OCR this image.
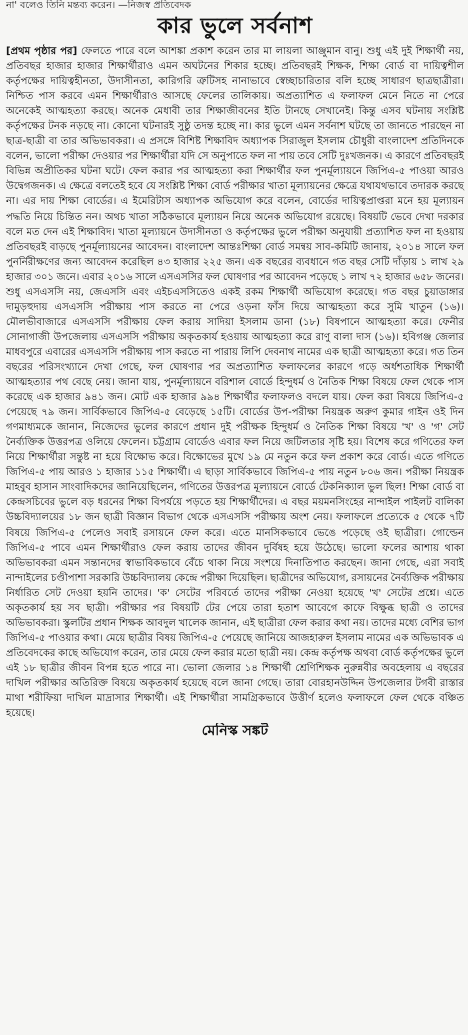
না' বলেও তিনি মন্তব্য করেন। —নিজস্ব প্রতিবেদক
কার ভুলে সর্বনাশ
[প্রথম পৃষ্ঠার পর] ফেলতে পারে বলে আশঙ্কা প্রকাশ করেন তার মা লায়লা আঞ্জুমান বানু। শুধু এই দুই শিক্ষার্থী নয়, প্রতিবছর হাজার হাজার শিক্ষার্থীরাও এমন অঘটনের শিকার হচ্ছে। প্রতিবছরই শিক্ষক, শিক্ষা বোর্ড বা দায়িত্বশীল কর্তৃপক্ষের দায়িত্বহীনতা, উদাসীনতা, কারিগরি ত্রুটিসহ নানাভাবে স্বেচ্ছাচারিতার বলি হচ্ছে সাধারণ ছাত্রছাত্রীরা। নিশ্চিত পাস করবে এমন শিক্ষার্থীরাও আসছে ফেলের তালিকায়। অপ্রত্যাশিত এ ফলাফল মেনে নিতে না পেরে অনেকেই আত্মহত্যা করছে। অনেক মেধাবী তার শিক্ষাজীবনের ইতি টানছে সেখানেই। কিন্তু এসব ঘটনায় সংশ্লিষ্ট কর্তৃপক্ষের টনক নড়ছে না। কোনো ঘটনারই সুষ্ঠু তদন্ত হচ্ছে না। কার ভুলে এমন সর্বনাশ ঘটছে তা জানতে পারছেন না ছাত্র-ছাত্রী বা তার অভিভাবকরা। এ প্রসঙ্গে বিশিষ্ট শিক্ষাবিদ অধ্যাপক সিরাজুল ইসলাম চৌধুরী বাংলাদেশ প্রতিদিনকে বলেন, ভালো পরীক্ষা দেওয়ার পর শিক্ষার্থীরা যদি সে অনুপাতে ফল না পায় তবে সেটি দুঃখজনক। এ কারণে প্রতিবছরই বিভিন্ন অপ্রীতিকর ঘটনা ঘটে। ফেল করার পর আত্মহত্যা করা শিক্ষার্থীর ফল পুনর্মূল্যায়নে জিপিএ-৫ পাওয়া আরও উদ্বেগজনক। এ ক্ষেত্রে বলতেই হবে যে সংশ্লিষ্ট শিক্ষা বোর্ড পরীক্ষার খাতা মূল্যায়নের ক্ষেত্রে যথাযথভাবে তদারক করছে না। এর দায় শিক্ষা বোর্ডের। এ ইমেরিটাস অধ্যাপক অভিযোগ করে বলেন, বোর্ডের দায়িত্বপ্রাপ্তরা মনে হয় মূল্যায়ন পদ্ধতি নিয়ে চিন্তিত নন। অথচ খাতা সঠিকভাবে মূল্যায়ন নিয়ে অনেক অভিযোগ রয়েছে। বিষয়টি ভেবে দেখা দরকার বলে মত দেন এই শিক্ষাবিদ। খাতা মূল্যায়নে উদাসীনতা ও কর্তৃপক্ষের ভুলে পরীক্ষা অনুযায়ী প্রত্যাশিত ফল না হওয়ায় প্রতিবছরই বাড়ছে পুনর্মূল্যায়নের আবেদন। বাংলাদেশ আন্তঃশিক্ষা বোর্ড সমন্বয় সাব-কমিটি জানায়, ২০১৪ সালে ফল পুনর্নিরীক্ষণের জন্য আবেদন করেছিল ৪৩ হাজার ২২৫ জন। এক বছরের ব্যবধানে গত বছর সেটি দাঁড়ায় ১ লাখ ২৯ হাজার ৩০১ জনে। এবার ২০১৬ সালে এসএসসির ফল ঘোষণার পর আবেদন পড়েছে ১ লাখ ৭২ হাজার ৬৫৮ জনের। শুধু এসএসসি নয়, জেএসসি এবং এইচএসসিতেও একই রকম শিক্ষার্থী অভিযোগ করেছে। গত বছর চুয়াডাঙ্গার দামুড়হুদায় এসএসসি পরীক্ষায় পাস করতে না পেরে ওড়না ফাঁস দিয়ে আত্মহত্যা করে সুমি খাতুন (১৬)। মৌলভীবাজারে এসএসসি পরীক্ষায় ফেল করায় সাদিয়া ইসলাম ডানা (১৮) বিষপানে আত্মহত্যা করে। ফেনীর সোনাগাজী উপজেলায় এসএসসি পরীক্ষায় অকৃতকার্য হওয়ায় আত্মহত্যা করে রাণু বালা দাস (১৬)। হবিগঞ্জ জেলার মাধবপুরে এবারের এসএসসি পরীক্ষায় পাস করতে না পারায় লিপি দেবনাথ নামের এক ছাত্রী আত্মহত্যা করে। গত তিন বছরের পরিসংখ্যানে দেখা গেছে, ফল ঘোষণার পর অপ্রত্যাশিত ফলাফলের কারণে গড়ে অর্ধশতাধিক শিক্ষার্থী আত্মহত্যার পথ বেছে নেয়। জানা যায়, পুনর্মূল্যায়নে বরিশাল বোর্ডে হিন্দুধর্ম ও নৈতিক শিক্ষা বিষয়ে ফেল থেকে পাস করেছে এক হাজার ৯৪১ জন। মোট এক হাজার ৯৯৪ শিক্ষার্থীর ফলাফলও বদলে যায়। ফেল করা বিষয়ে জিপিএ-৫ পেয়েছে ৭৯ জন। সার্বিকভাবে জিপিএ-৫ বেড়েছে ১৫টি। বোর্ডের উপ-পরীক্ষা নিয়ন্ত্রক অরুণ কুমার গাইন ওই দিন গণমাধ্যমকে জানান, নিজেদের ভুলের কারণে প্রধান দুই পরীক্ষক হিন্দুধর্ম ও নৈতিক শিক্ষা বিষয়ে 'খ' ও 'গ' সেট নৈর্ব্যক্তিক উত্তরপত্র ওলিয়ে ফেলেন। চট্টগ্রাম বোর্ডেও এবার ফল নিয়ে জটিলতার সৃষ্টি হয়। বিশেষ করে গণিতের ফল নিয়ে শিক্ষার্থীরা সন্তুষ্ট না হয়ে বিক্ষোভ করে। বিক্ষোভের মুখে ১৯ মে নতুন করে ফল প্রকাশ করে বোর্ড। এতে গণিতে জিপিএ-৫ পায় আরও ১ হাজার ১১৫ শিক্ষার্থী। এ ছাড়া সার্বিকভাবে জিপিএ-৫ পায় নতুন ৮০৬ জন। পরীক্ষা নিয়ন্ত্রক মাহবুব হাসান সাংবাদিকদের জানিয়েছিলেন, গণিতের উত্তরপত্র মূল্যায়নে বোর্ডে টেকনিক্যাল ভুল ছিল! শিক্ষা বোর্ড বা কেন্দ্রসচিবের ভুলে বড় ধরনের শিক্ষা বিপর্যয়ে পড়তে হয় শিক্ষার্থীদের। এ বছর ময়মনসিংহের নান্দাইল পাইলট বালিকা উচ্চবিদ্যালয়ের ১৮ জন ছাত্রী বিজ্ঞান বিভাগ থেকে এসএসসি পরীক্ষায় অংশ নেয়। ফলাফলে প্রত্যেকে ৫ থেকে ৭টি বিষয়ে জিপিএ-৫ পেলেও সবাই রসায়নে ফেল করে। এতে মানসিকভাবে ভেঙে পড়েছে ওই ছাত্রীরা। গোল্ডেন জিপিএ-৫ পাবে এমন শিক্ষার্থীরাও ফেল করায় তাদের জীবন দুর্বিষহ হয়ে উঠেছে। ভালো ফলের আশায় থাকা অভিভাবকরা এমন সন্তানদের স্বাভাবিকভাবে বেঁচে থাকা নিয়ে সংশয়ে দিনাতিপাত করছেন। জানা গেছে, এরা সবাই নান্দাইলের চণ্ডীপাশা সরকারি উচ্চবিদ্যালয় কেন্দ্রে পরীক্ষা দিয়েছিল। ছাত্রীদের অভিযোগ, রসায়নের নৈর্ব্যক্তিক পরীক্ষায় নির্ধারিত সেট দেওয়া হয়নি তাদের। 'ক' সেটের পরিবর্তে তাদের পরীক্ষা নেওয়া হয়েছে 'খ' সেটের প্রশ্নে। এতে অকৃতকার্য হয় সব ছাত্রী। পরীক্ষার পর বিষয়টি টের পেয়ে তারা হতাশ আবেগে কাফে বিক্ষুব্ধ ছাত্রী ও তাদের অভিভাবকরা। স্কুলটির প্রধান শিক্ষক আবদুল খালেক জানান, এই ছাত্রীরা ফেল করার কথা নয়। তাদের মধ্যে বেশির ভাগ জিপিএ-৫ পাওয়ার কথা। মেয়ে ছাত্রীর বিষয় জিপিএ-৫ পেয়েছে জানিয়ে আজহারুল ইসলাম নামের এক অভিভাবক এ প্রতিবেদকের কাছে অভিযোগ করেন, তার মেয়ে ফেল করার মতো ছাত্রী নয়। কেন্দ্র কর্তৃপক্ষ অথবা বোর্ড কর্তৃপক্ষের ভুলে এই ১৮ ছাত্রীর জীবন বিপন্ন হতে পারে না। ভোলা জেলার ১৪ শিক্ষার্থী শ্রেণিশিক্ষক নুরুন্নবীর অবহেলায় এ বছরের দাখিল পরীক্ষার অতিরিক্ত বিষয়ে অকৃতকার্য হয়েছে বলে জানা গেছে। তারা বোরহানউদ্দিন উপজেলার টগবী রাস্তার মাথা শরীফিয়া দাখিল মাদ্রাসার শিক্ষার্থী। এই শিক্ষার্থীরা সামগ্রিকভাবে উত্তীর্ণ হলেও ফলাফলে ফেল থেকে বঞ্চিত হয়েছে।
মেনিস্ক সঙ্কট
